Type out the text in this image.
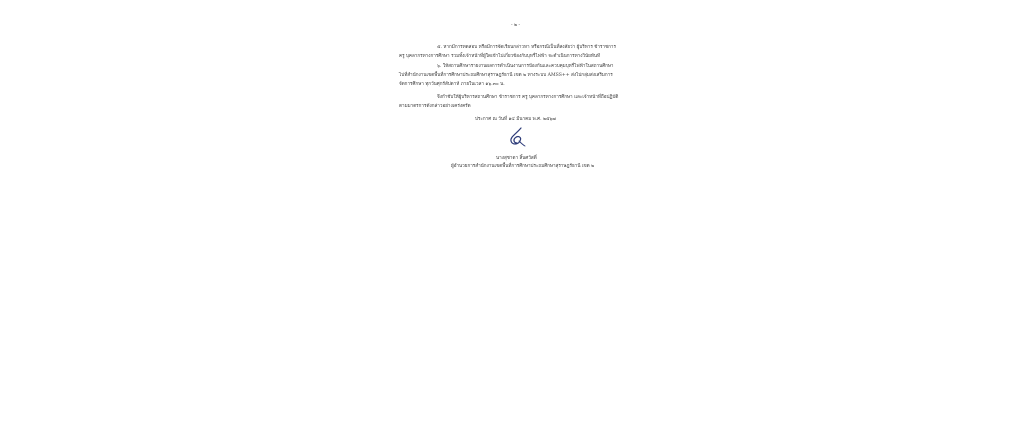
- ๒ -
๕. หากมีการทดสอบ หรือมีการจัดเรียนกล่าวหา หรือกรณีเป็นที่สงสัยว่า ผู้บริหาร ข้าราชการ
ครู บุคลากรทางการศึกษา รวมทั้งเจ้าหน้าที่ผู้ใดเข้าไปเกี่ยวข้องกับบุหรี่ไฟฟ้า จะดำเนินการทางวินัยทันที
๖. ให้สถานศึกษารายงานผลการดำเนินงานการป้องกันและควบคุมบุหรี่ไฟฟ้าในสถานศึกษา
ไปที่สำนักงานเขตพื้นที่การศึกษาประถมศึกษาสุราษฎร์ธานี เขต ๒ ทางระบบ AMSS++ ส่งไปกลุ่มส่งเสริมการ
จัดการศึกษา ทุกวันศุกร์สัปดาห์ ภายในเวลา ๑๖.๓๐ น.
จึงกำชับให้ผู้บริหารสถานศึกษา ข้าราชการ ครู บุคลากรทางการศึกษา และเจ้าหน้าที่ถือปฏิบัติ
ตามมาตรการดังกล่าวอย่างเคร่งครัด
ประกาศ ณ วันที่ ๑๔ มีนาคม พ.ศ. ๒๕๖๗
นางสุชาดา สิ้นศวัสดิ์
ผู้อำนวยการสำนักงานเขตพื้นที่การศึกษาประถมศึกษาสุราษฎร์ธานี เขต ๒
